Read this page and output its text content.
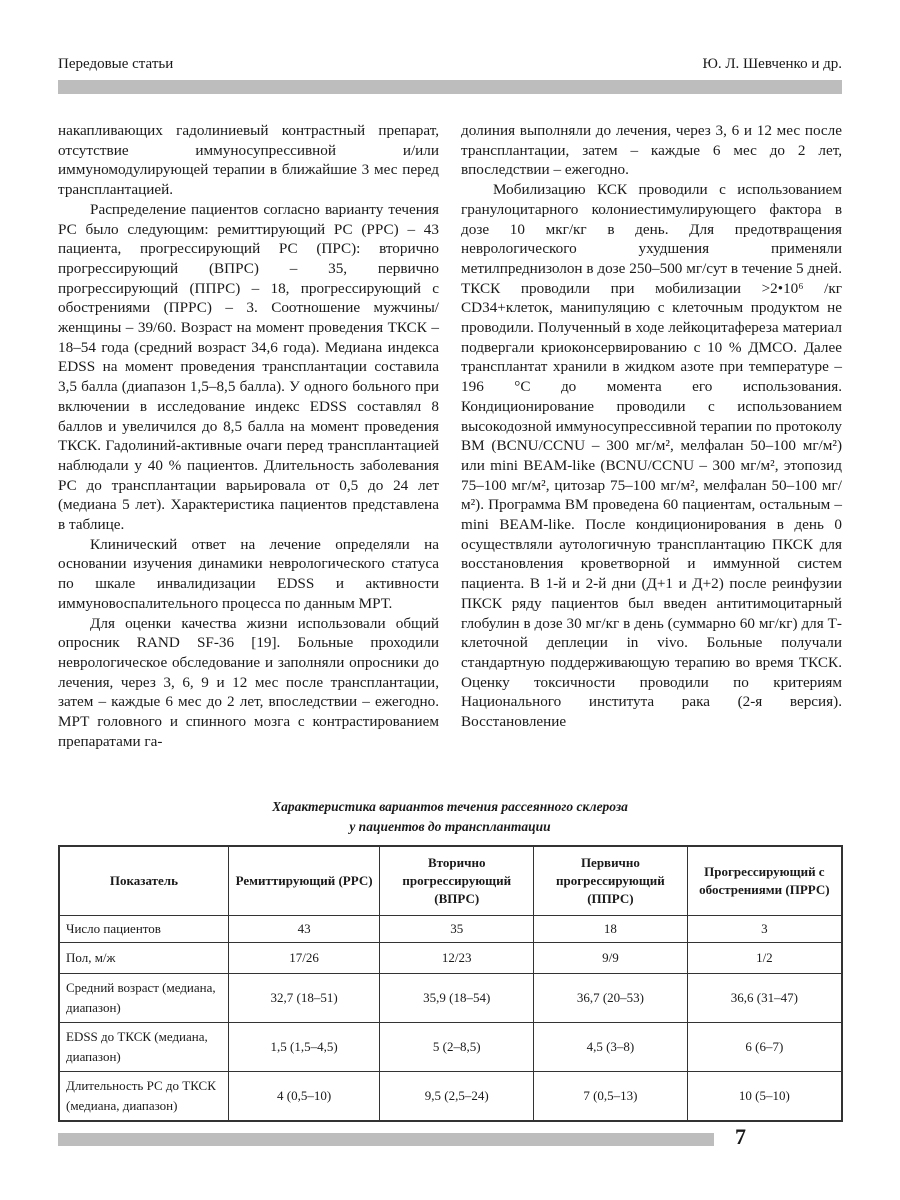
Передовые статьи	Ю. Л. Шевченко и др.

накапливающих гадолиниевый контрастный препарат, отсутствие иммуносупрессивной и/или иммуномодулирующей терапии в ближайшие 3 мес перед трансплантацией.

Распределение пациентов согласно варианту течения РС было следующим: ремиттирующий РС (РРС) – 43 пациента, прогрессирующий РС (ПРС): вторично прогрессирующий (ВПРС) – 35, первично прогрессирующий (ППРС) – 18, прогрессирующий с обострениями (ПРРС) – 3. Соотношение мужчины/женщины – 39/60. Возраст на момент проведения ТКСК – 18–54 года (средний возраст 34,6 года). Медиана индекса EDSS на момент проведения трансплантации составила 3,5 балла (диапазон 1,5–8,5 балла). У одного больного при включении в исследование индекс EDSS составлял 8 баллов и увеличился до 8,5 балла на момент проведения ТКСК. Гадолиний-активные очаги перед трансплантацией наблюдали у 40 % пациентов. Длительность заболевания РС до трансплантации варьировала от 0,5 до 24 лет (медиана 5 лет). Характеристика пациентов представлена в таблице.

Клинический ответ на лечение определяли на основании изучения динамики неврологического статуса по шкале инвалидизации EDSS и активности иммуновоспалительного процесса по данным МРТ.

Для оценки качества жизни использовали общий опросник RAND SF-36 [19]. Больные проходили неврологическое обследование и заполняли опросники до лечения, через 3, 6, 9 и 12 мес после трансплантации, затем – каждые 6 мес до 2 лет, впоследствии – ежегодно. МРТ головного и спинного мозга с контрастированием препаратами га-

долиния выполняли до лечения, через 3, 6 и 12 мес после трансплантации, затем – каждые 6 мес до 2 лет, впоследствии – ежегодно.

Мобилизацию КСК проводили с использованием гранулоцитарного колониестимулирующего фактора в дозе 10 мкг/кг в день. Для предотвращения неврологического ухудшения применяли метилпреднизолон в дозе 250–500 мг/сут в течение 5 дней. ТКСК проводили при мобилизации >2•10⁶ /кг CD34+клеток, манипуляцию с клеточным продуктом не проводили. Полученный в ходе лейкоцитафереза материал подвергали криоконсервированию с 10 % ДМСО. Далее трансплантат хранили в жидком азоте при температуре –196 °С до момента его использования. Кондиционирование проводили с использованием высокодозной иммуносупрессивной терапии по протоколу BM (BCNU/CCNU – 300 мг/м², мелфалан 50–100 мг/м²) или mini BEAM-like (BCNU/CCNU – 300 мг/м², этопозид 75–100 мг/м², цитозар 75–100 мг/м², мелфалан 50–100 мг/м²). Программа BM проведена 60 пациентам, остальным – mini BEAM-like. После кондиционирования в день 0 осуществляли аутологичную трансплантацию ПКСК для восстановления кроветворной и иммунной систем пациента. В 1-й и 2-й дни (Д+1 и Д+2) после реинфузии ПКСК ряду пациентов был введен антитимоцитарный глобулин в дозе 30 мг/кг в день (суммарно 60 мг/кг) для Т-клеточной деплеции in vivo. Больные получали стандартную поддерживающую терапию во время ТКСК. Оценку токсичности проводили по критериям Национального института рака (2-я версия). Восстановление

Характеристика вариантов течения рассеянного склероза
у пациентов до трансплантации
Показатель	Ремиттирующий (РРС)	Вторично прогрессирующий (ВПРС)	Первично прогрессирующий (ППРС)	Прогрессирующий с обострениями (ПРРС)
Число пациентов	43	35	18	3
Пол, м/ж	17/26	12/23	9/9	1/2
Средний возраст (медиана, диапазон)	32,7 (18–51)	35,9 (18–54)	36,7 (20–53)	36,6 (31–47)
EDSS до ТКСК (медиана, диапазон)	1,5 (1,5–4,5)	5 (2–8,5)	4,5 (3–8)	6 (6–7)
Длительность РС до ТКСК (медиана, диапазон)	4 (0,5–10)	9,5 (2,5–24)	7 (0,5–13)	10 (5–10)
7
